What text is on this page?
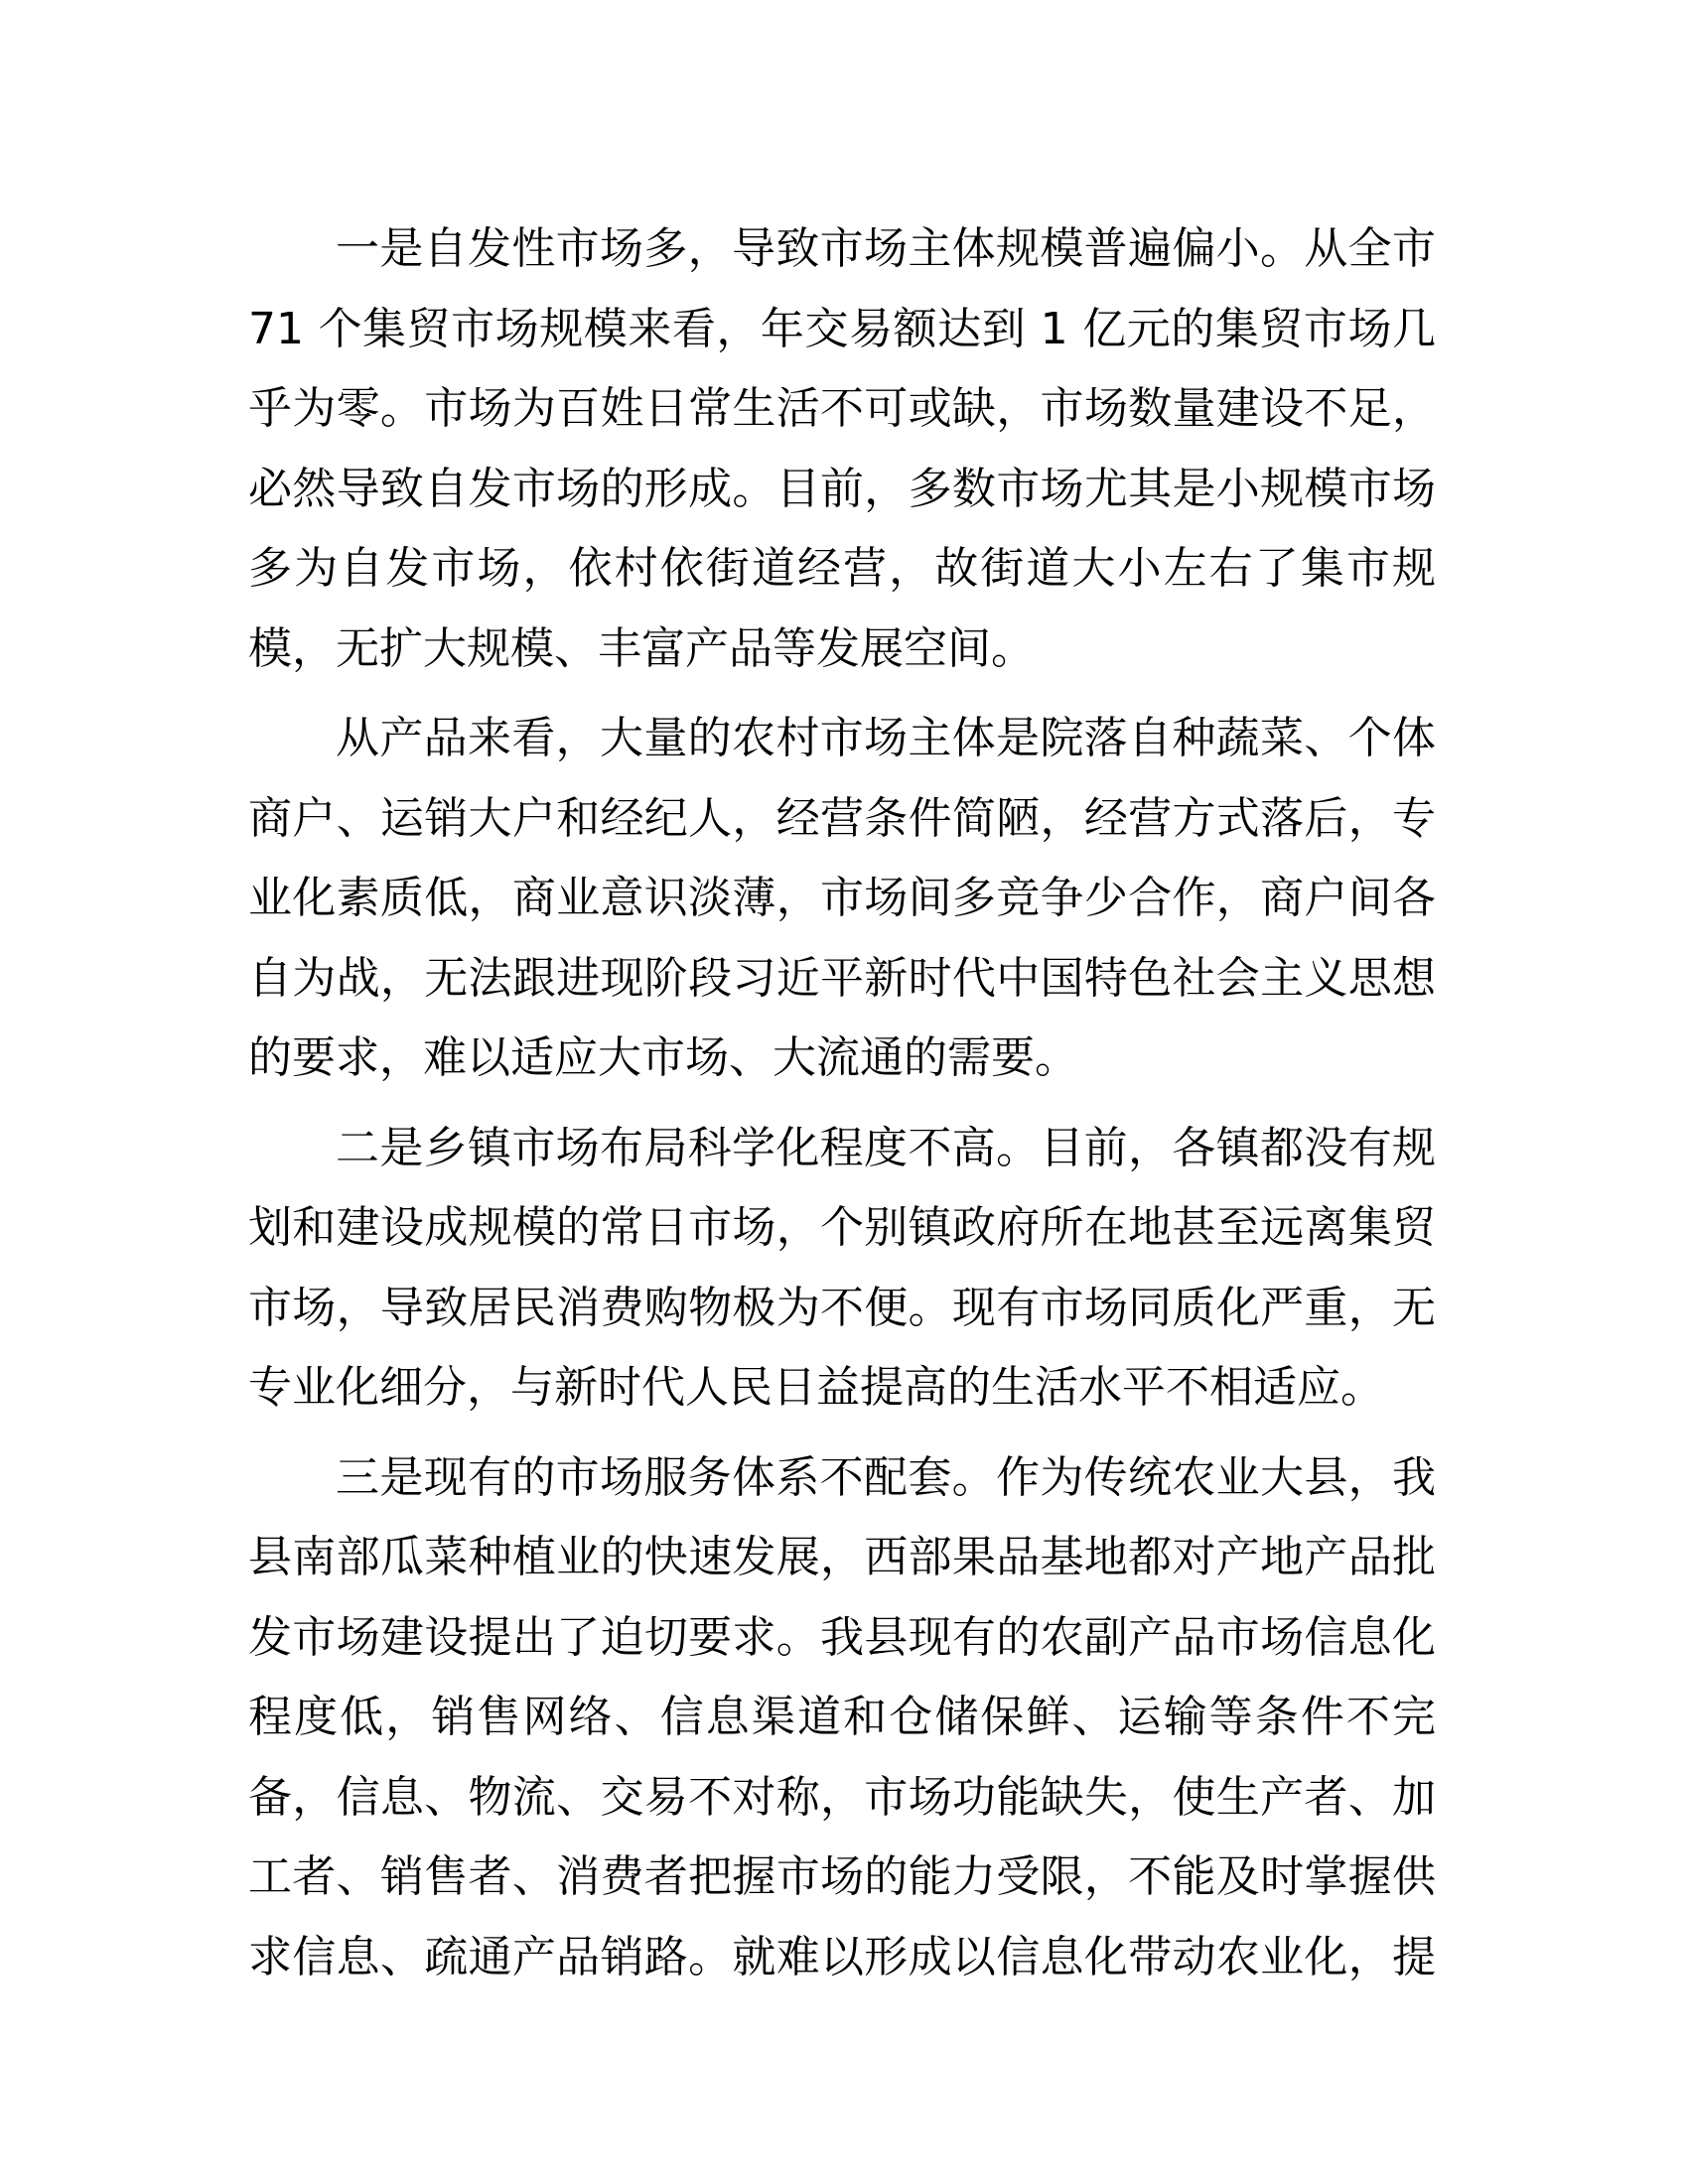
一是自发性市场多，导致市场主体规模普遍偏小。从全市
71 个集贸市场规模来看，年交易额达到 1 亿元的集贸市场几
乎为零。市场为百姓日常生活不可或缺，市场数量建设不足，
必然导致自发市场的形成。目前，多数市场尤其是小规模市场
多为自发市场，依村依街道经营，故街道大小左右了集市规
模，无扩大规模、丰富产品等发展空间。

从产品来看，大量的农村市场主体是院落自种蔬菜、个体
商户、运销大户和经纪人，经营条件简陋，经营方式落后，专
业化素质低，商业意识淡薄，市场间多竞争少合作，商户间各
自为战，无法跟进现阶段习近平新时代中国特色社会主义思想
的要求，难以适应大市场、大流通的需要。

二是乡镇市场布局科学化程度不高。目前，各镇都没有规
划和建设成规模的常日市场，个别镇政府所在地甚至远离集贸
市场，导致居民消费购物极为不便。现有市场同质化严重，无
专业化细分，与新时代人民日益提高的生活水平不相适应。

三是现有的市场服务体系不配套。作为传统农业大县，我
县南部瓜菜种植业的快速发展，西部果品基地都对产地产品批
发市场建设提出了迫切要求。我县现有的农副产品市场信息化
程度低，销售网络、信息渠道和仓储保鲜、运输等条件不完
备，信息、物流、交易不对称，市场功能缺失，使生产者、加
工者、销售者、消费者把握市场的能力受限，不能及时掌握供
求信息、疏通产品销路。就难以形成以信息化带动农业化，提
